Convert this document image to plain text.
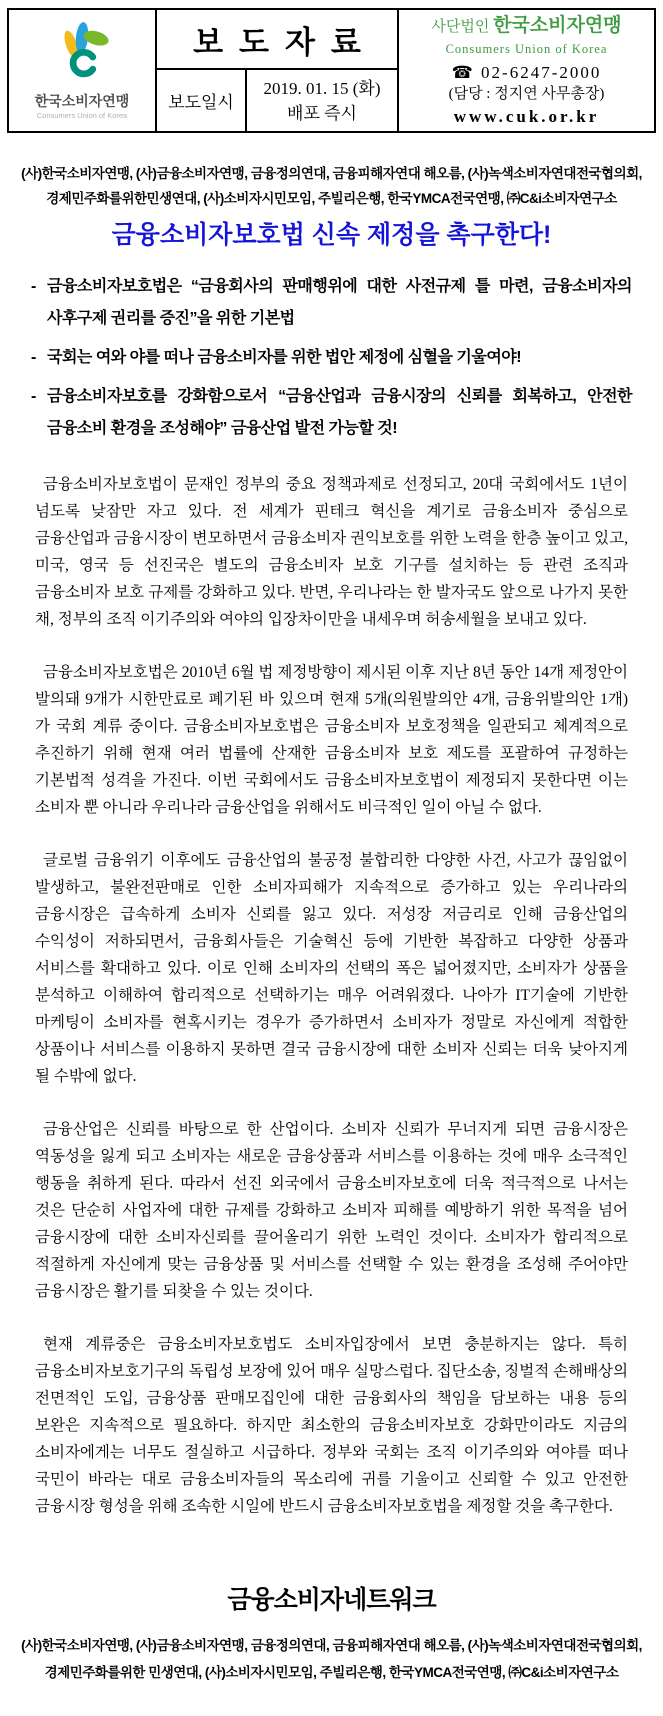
한국소비자연맹
Consumers Union of Korea
보도자료
보도일시
2019. 01. 15 (화)
배포 즉시
사단법인 한국소비자연맹
Consumers Union of Korea
☎ 02-6247-2000
(담당 : 정지연 사무총장)
www.cuk.or.kr
(사)한국소비자연맹, (사)금융소비자연맹, 금융정의연대, 금융피해자연대 해오름, (사)녹색소비자연대전국협의회,
경제민주화를위한민생연대, (사)소비자시민모임, 주빌리은행, 한국YMCA전국연맹, ㈜C&i소비자연구소
금융소비자보호법 신속 제정을 촉구한다!
- 금융소비자보호법은 “금융회사의 판매행위에 대한 사전규제 틀 마련, 금융소비자의 사후구제 권리를 증진”을 위한 기본법
- 국회는 여와 야를 떠나 금융소비자를 위한 법안 제정에 심혈을 기울여야!
- 금융소비자보호를 강화함으로서 “금융산업과 금융시장의 신뢰를 회복하고, 안전한 금융소비 환경을 조성해야” 금융산업 발전 가능할 것!

금융소비자보호법이 문재인 정부의 중요 정책과제로 선정되고, 20대 국회에서도 1년이 넘도록 낮잠만 자고 있다. 전 세계가 핀테크 혁신을 계기로 금융소비자 중심으로 금융산업과 금융시장이 변모하면서 금융소비자 권익보호를 위한 노력을 한층 높이고 있고, 미국, 영국 등 선진국은 별도의 금융소비자 보호 기구를 설치하는 등 관련 조직과 금융소비자 보호 규제를 강화하고 있다. 반면, 우리나라는 한 발자국도 앞으로 나가지 못한 채, 정부의 조직 이기주의와 여야의 입장차이만을 내세우며 허송세월을 보내고 있다.

금융소비자보호법은 2010년 6월 법 제정방향이 제시된 이후 지난 8년 동안 14개 제정안이 발의돼 9개가 시한만료로 폐기된 바 있으며 현재 5개(의원발의안 4개, 금융위발의안 1개)가 국회 계류 중이다. 금융소비자보호법은 금융소비자 보호정책을 일관되고 체계적으로 추진하기 위해 현재 여러 법률에 산재한 금융소비자 보호 제도를 포괄하여 규정하는 기본법적 성격을 가진다. 이번 국회에서도 금융소비자보호법이 제정되지 못한다면 이는 소비자 뿐 아니라 우리나라 금융산업을 위해서도 비극적인 일이 아닐 수 없다.

글로벌 금융위기 이후에도 금융산업의 불공정 불합리한 다양한 사건, 사고가 끊임없이 발생하고, 불완전판매로 인한 소비자피해가 지속적으로 증가하고 있는 우리나라의 금융시장은 급속하게 소비자 신뢰를 잃고 있다. 저성장 저금리로 인해 금융산업의 수익성이 저하되면서, 금융회사들은 기술혁신 등에 기반한 복잡하고 다양한 상품과 서비스를 확대하고 있다. 이로 인해 소비자의 선택의 폭은 넓어졌지만, 소비자가 상품을 분석하고 이해하여 합리적으로 선택하기는 매우 어려워졌다. 나아가 IT기술에 기반한 마케팅이 소비자를 현혹시키는 경우가 증가하면서 소비자가 정말로 자신에게 적합한 상품이나 서비스를 이용하지 못하면 결국 금융시장에 대한 소비자 신뢰는 더욱 낮아지게 될 수밖에 없다.

금융산업은 신뢰를 바탕으로 한 산업이다. 소비자 신뢰가 무너지게 되면 금융시장은 역동성을 잃게 되고 소비자는 새로운 금융상품과 서비스를 이용하는 것에 매우 소극적인 행동을 취하게 된다. 따라서 선진 외국에서 금융소비자보호에 더욱 적극적으로 나서는 것은 단순히 사업자에 대한 규제를 강화하고 소비자 피해를 예방하기 위한 목적을 넘어 금융시장에 대한 소비자신뢰를 끌어올리기 위한 노력인 것이다. 소비자가 합리적으로 적절하게 자신에게 맞는 금융상품 및 서비스를 선택할 수 있는 환경을 조성해 주어야만 금융시장은 활기를 되찾을 수 있는 것이다.

현재 계류중은 금융소비자보호법도 소비자입장에서 보면 충분하지는 않다. 특히 금융소비자보호기구의 독립성 보장에 있어 매우 실망스럽다. 집단소송, 징벌적 손해배상의 전면적인 도입, 금융상품 판매모집인에 대한 금융회사의 책임을 담보하는 내용 등의 보완은 지속적으로 필요하다. 하지만 최소한의 금융소비자보호 강화만이라도 지금의 소비자에게는 너무도 절실하고 시급하다. 정부와 국회는 조직 이기주의와 여야를 떠나 국민이 바라는 대로 금융소비자들의 목소리에 귀를 기울이고 신뢰할 수 있고 안전한 금융시장 형성을 위해 조속한 시일에 반드시 금융소비자보호법을 제정할 것을 촉구한다.

금융소비자네트워크
(사)한국소비자연맹, (사)금융소비자연맹, 금융정의연대, 금융피해자연대 해오름, (사)녹색소비자연대전국협의회,
경제민주화를위한 민생연대, (사)소비자시민모임, 주빌리은행, 한국YMCA전국연맹, ㈜C&i소비자연구소
